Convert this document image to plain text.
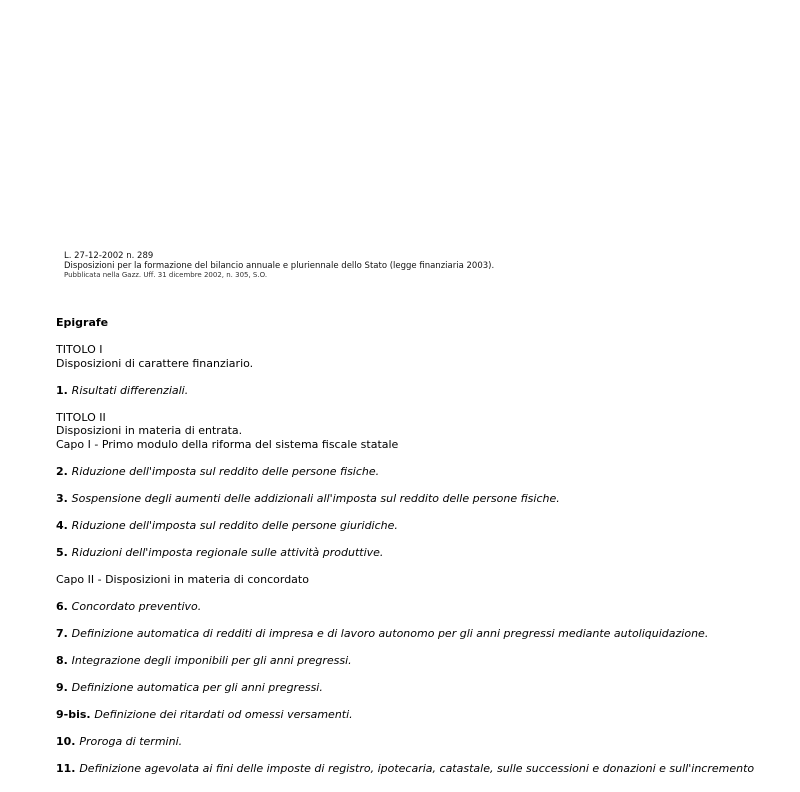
L. 27-12-2002 n. 289
Disposizioni per la formazione del bilancio annuale e pluriennale dello Stato (legge finanziaria 2003).
Pubblicata nella Gazz. Uff. 31 dicembre 2002, n. 305, S.O.
Epigrafe
TITOLO I
Disposizioni di carattere finanziario.
1. Risultati differenziali.
TITOLO II
Disposizioni in materia di entrata.
Capo I - Primo modulo della riforma del sistema fiscale statale
2. Riduzione dell'imposta sul reddito delle persone fisiche.
3. Sospensione degli aumenti delle addizionali all'imposta sul reddito delle persone fisiche.
4. Riduzione dell'imposta sul reddito delle persone giuridiche.
5. Riduzioni dell'imposta regionale sulle attività produttive.
Capo II - Disposizioni in materia di concordato
6. Concordato preventivo.
7. Definizione automatica di redditi di impresa e di lavoro autonomo per gli anni pregressi mediante autoliquidazione.
8. Integrazione degli imponibili per gli anni pregressi.
9. Definizione automatica per gli anni pregressi.
9-bis. Definizione dei ritardati od omessi versamenti.
10. Proroga di termini.
11. Definizione agevolata ai fini delle imposte di registro, ipotecaria, catastale, sulle successioni e donazioni e sull'incremento
